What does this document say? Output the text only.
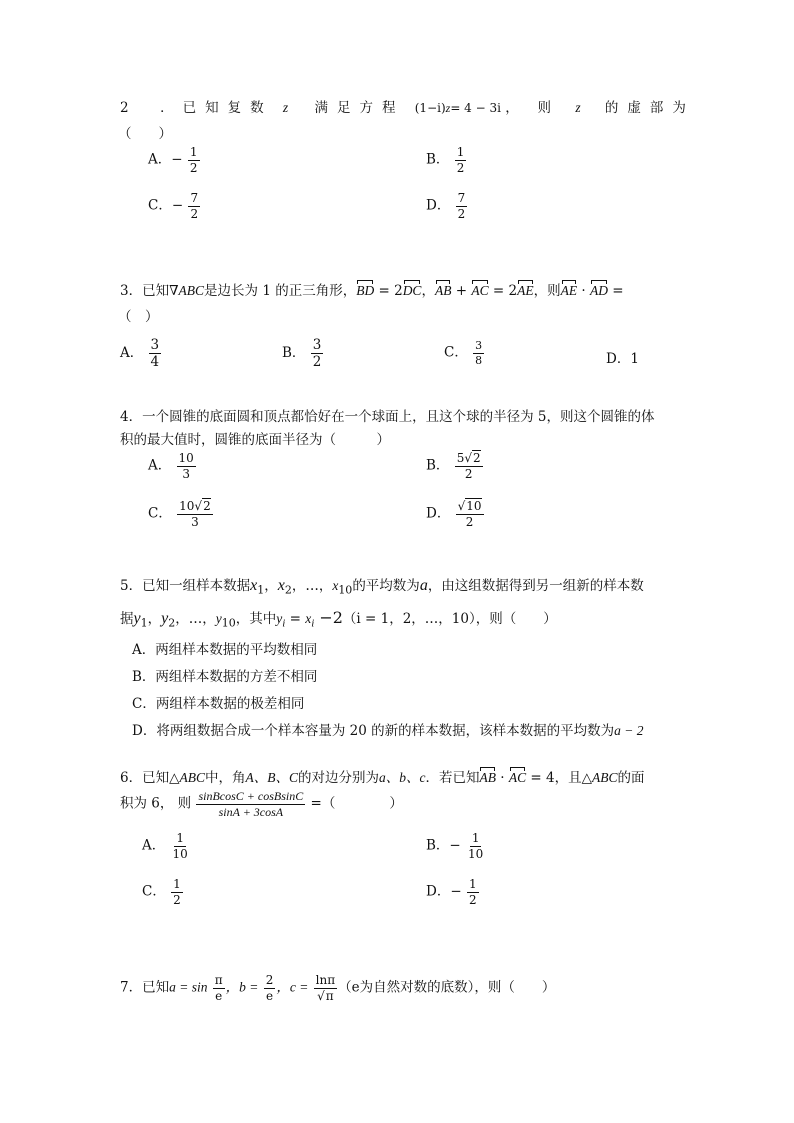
2　．已知复数 z 满足方程 (1−i)z= 4 − 3i ，　则 z 的虚部为
（　　）
A．− $\frac{1}{2}$	B． $\frac{1}{2}$
C．− $\frac{7}{2}$	D． $\frac{7}{2}$
3．已知∇ABC是边长为 1 的正三角形，BD = 2DC，AB + AC = 2AE，则AE · AD =
（　）
A． $\frac{3}{4}$	B． $\frac{3}{2}$	C． $\frac{3}{8}$	D．1
4．一个圆锥的底面圆和顶点都恰好在一个球面上，且这个球的半径为 5，则这个圆锥的体
积的最大值时，圆锥的底面半径为（　　　）
A． $\frac{10}{3}$	B． $\frac{5√2}{2}$
C． $\frac{10√2}{3}$	D． $\frac{√10}{2}$
5．已知一组样本数据$x_1$，$x_2$，…，$x_{10}$的平均数为a，由这组数据得到另一组新的样本数
据$y_1$，$y_2$，…，$y_{10}$，其中$y_i = x_i -2(i = 1$，2，…，10），则（　　）
A．两组样本数据的平均数相同
B．两组样本数据的方差不相同
C．两组样本数据的极差相同
D．将两组数据合成一个样本容量为 20 的新的样本数据，该样本数据的平均数为a − 2
6．已知△ABC中，角A、B、C的对边分别为a、b、c．若已知AB · AC = 4，且△ABC的面
积为 6， 则 $\frac{\text{sinBcosC + cosBsinC}}{\sin A + 3\cos A}$ =（　　　　）
A． $\frac{1}{10}$	B．− $\frac{1}{10}$
C． $\frac{1}{2}$	D．− $\frac{1}{2}$
7．已知$a = \sin \frac{\pi}{e}$ ，$b = \frac{2}{e}$ ，$c = \frac{\ln\pi}{√\pi} (e$为自然对数的底数），则（　　）
